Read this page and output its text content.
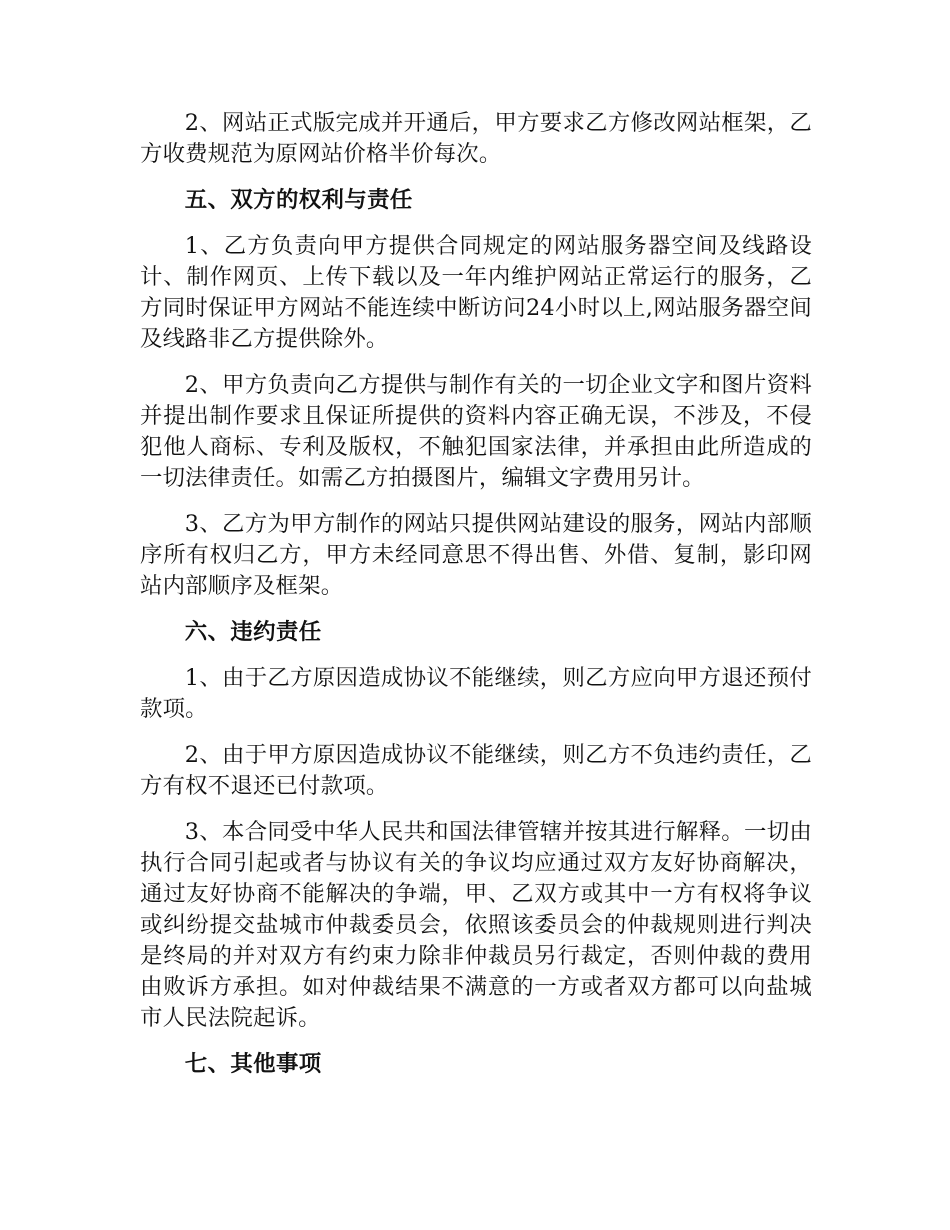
2、网站正式版完成并开通后，甲方要求乙方修改网站框架，乙方收费规范为原网站价格半价每次。

五、双方的权利与责任

1、乙方负责向甲方提供合同规定的网站服务器空间及线路设计、制作网页、上传下载以及一年内维护网站正常运行的服务，乙方同时保证甲方网站不能连续中断访问24小时以上,网站服务器空间及线路非乙方提供除外。

2、甲方负责向乙方提供与制作有关的一切企业文字和图片资料并提出制作要求且保证所提供的资料内容正确无误，不涉及，不侵犯他人商标、专利及版权，不触犯国家法律，并承担由此所造成的一切法律责任。如需乙方拍摄图片，编辑文字费用另计。

3、乙方为甲方制作的网站只提供网站建设的服务，网站内部顺序所有权归乙方，甲方未经同意思不得出售、外借、复制，影印网站内部顺序及框架。

六、违约责任

1、由于乙方原因造成协议不能继续，则乙方应向甲方退还预付款项。

2、由于甲方原因造成协议不能继续，则乙方不负违约责任，乙方有权不退还已付款项。

3、本合同受中华人民共和国法律管辖并按其进行解释。一切由执行合同引起或者与协议有关的争议均应通过双方友好协商解决，通过友好协商不能解决的争端，甲、乙双方或其中一方有权将争议或纠纷提交盐城市仲裁委员会，依照该委员会的仲裁规则进行判决是终局的并对双方有约束力除非仲裁员另行裁定，否则仲裁的费用由败诉方承担。如对仲裁结果不满意的一方或者双方都可以向盐城市人民法院起诉。

七、其他事项
